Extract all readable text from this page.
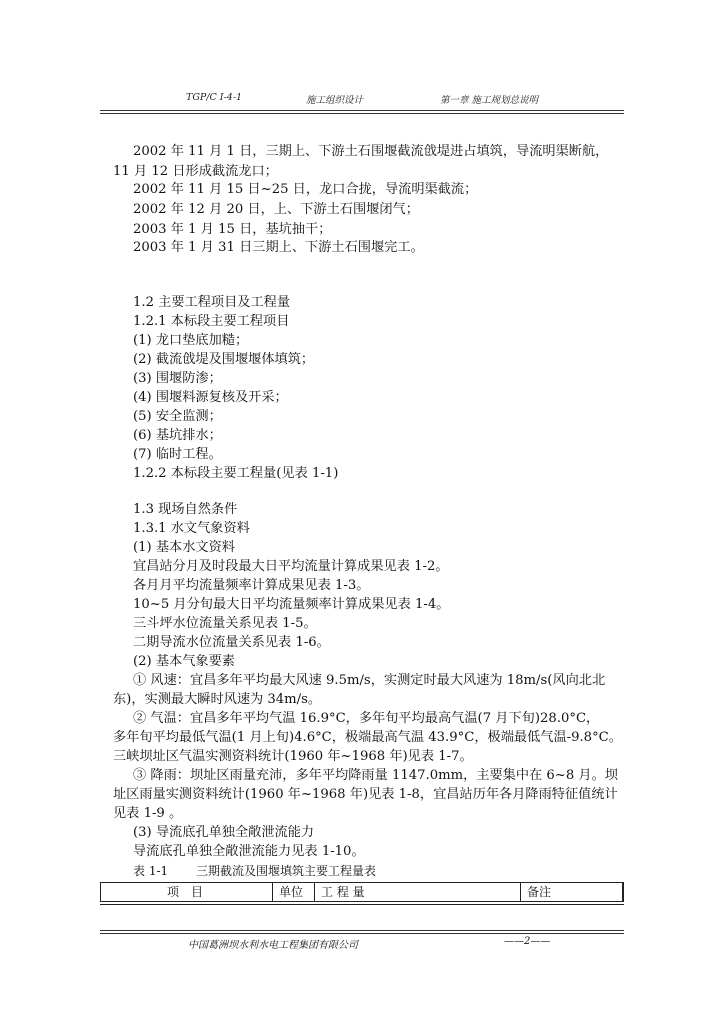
TGP/C Ⅰ-4-1	施工组织设计	第一章 施工规划总说明
2002 年 11 月 1 日，三期上、下游土石围堰截流戗堤进占填筑，导流明渠断航，
11 月 12 日形成截流龙口；
2002 年 11 月 15 日~25 日，龙口合拢，导流明渠截流；
2002 年 12 月 20 日，上、下游土石围堰闭气；
2003 年 1 月 15 日，基坑抽干；
2003 年 1 月 31 日三期上、下游土石围堰完工。
1.2 主要工程项目及工程量
1.2.1 本标段主要工程项目
(1) 龙口垫底加糙；
(2) 截流戗堤及围堰堰体填筑；
(3) 围堰防渗；
(4) 围堰料源复核及开采；
(5) 安全监测；
(6) 基坑排水；
(7) 临时工程。
1.2.2 本标段主要工程量(见表 1-1)
1.3 现场自然条件
1.3.1 水文气象资料
(1) 基本水文资料
宜昌站分月及时段最大日平均流量计算成果见表 1-2。
各月月平均流量频率计算成果见表 1-3。
10~5 月分旬最大日平均流量频率计算成果见表 1-4。
三斗坪水位流量关系见表 1-5。
二期导流水位流量关系见表 1-6。
(2) 基本气象要素
① 风速：宜昌多年平均最大风速 9.5m/s，实测定时最大风速为 18m/s(风向北北
东)，实测最大瞬时风速为 34m/s。
② 气温：宜昌多年平均气温 16.9°C，多年旬平均最高气温(7 月下旬)28.0°C，
多年旬平均最低气温(1 月上旬)4.6°C，极端最高气温 43.9°C，极端最低气温-9.8°C。
三峡坝址区气温实测资料统计(1960 年~1968 年)见表 1-7。
③ 降雨：坝址区雨量充沛，多年平均降雨量 1147.0mm，主要集中在 6~8 月。坝
址区雨量实测资料统计(1960 年~1968 年)见表 1-8，宜昌站历年各月降雨特征值统计
见表 1-9 。
(3) 导流底孔单独全敞泄流能力
导流底孔单独全敞泄流能力见表 1-10。
表 1-1 三期截流及围堰填筑主要工程量表
项　目	单位	工 程 量	备注
中国葛洲坝水利水电工程集团有限公司	——2——
